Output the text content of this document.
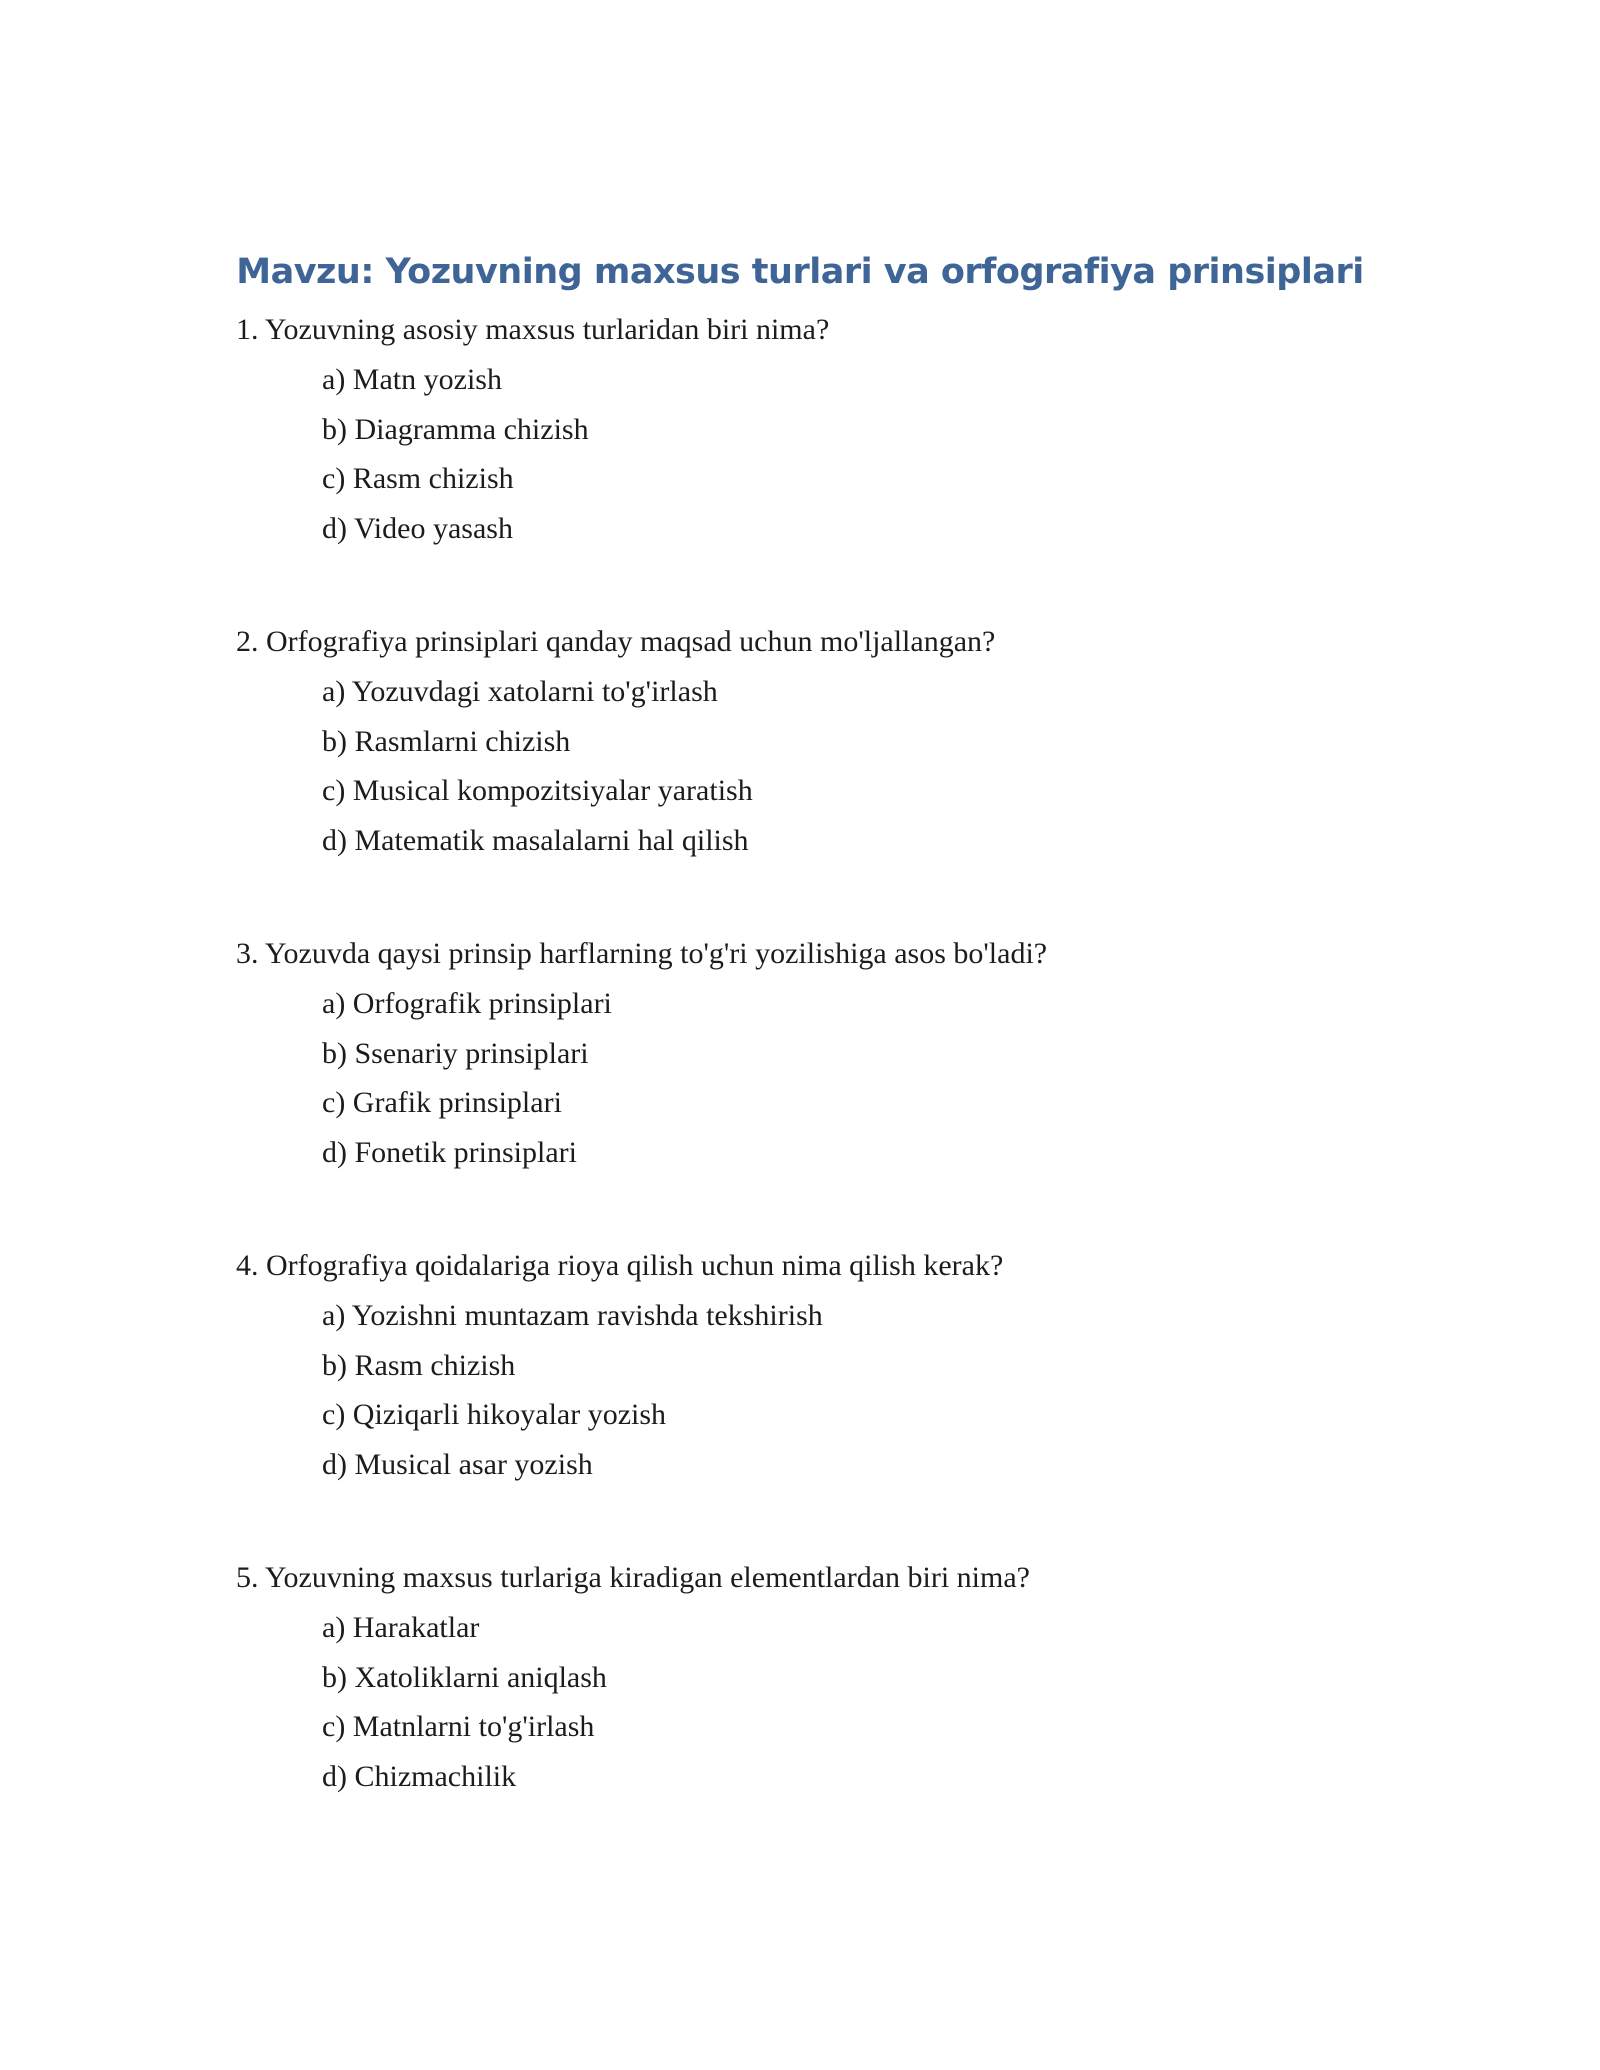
Mavzu: Yozuvning maxsus turlari va orfografiya prinsiplari
1. Yozuvning asosiy maxsus turlaridan biri nima?
a) Matn yozish
b) Diagramma chizish
c) Rasm chizish
d) Video yasash
2. Orfografiya prinsiplari qanday maqsad uchun mo'ljallangan?
a) Yozuvdagi xatolarni to'g'irlash
b) Rasmlarni chizish
c) Musical kompozitsiyalar yaratish
d) Matematik masalalarni hal qilish
3. Yozuvda qaysi prinsip harflarning to'g'ri yozilishiga asos bo'ladi?
a) Orfografik prinsiplari
b) Ssenariy prinsiplari
c) Grafik prinsiplari
d) Fonetik prinsiplari
4. Orfografiya qoidalariga rioya qilish uchun nima qilish kerak?
a) Yozishni muntazam ravishda tekshirish
b) Rasm chizish
c) Qiziqarli hikoyalar yozish
d) Musical asar yozish
5. Yozuvning maxsus turlariga kiradigan elementlardan biri nima?
a) Harakatlar
b) Xatoliklarni aniqlash
c) Matnlarni to'g'irlash
d) Chizmachilik
